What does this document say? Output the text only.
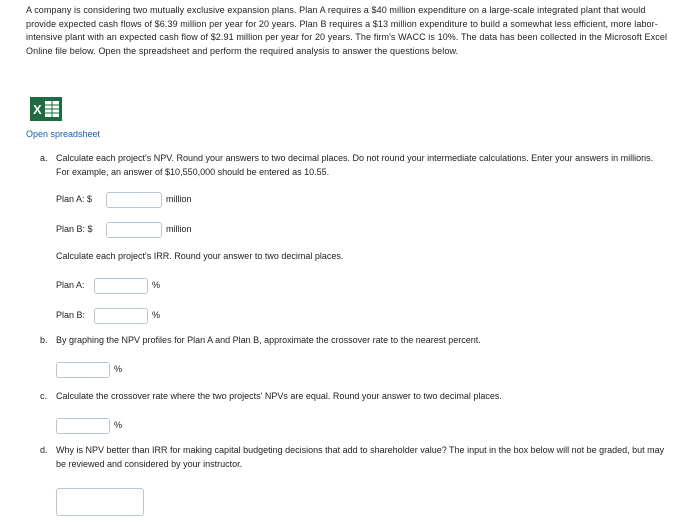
A company is considering two mutually exclusive expansion plans. Plan A requires a $40 million expenditure on a large-scale integrated plant that would provide expected cash flows of $6.39 million per year for 20 years. Plan B requires a $13 million expenditure to build a somewhat less efficient, more labor-intensive plant with an expected cash flow of $2.91 million per year for 20 years. The firm's WACC is 10%. The data has been collected in the Microsoft Excel Online file below. Open the spreadsheet and perform the required analysis to answer the questions below.

X
Open spreadsheet
a. Calculate each project's NPV. Round your answers to two decimal places. Do not round your intermediate calculations. Enter your answers in millions. For example, an answer of $10,550,000 should be entered as 10.55.
Plan A: $	million
Plan B: $	million
Calculate each project's IRR. Round your answer to two decimal places.
Plan A:	%
Plan B:	%
b. By graphing the NPV profiles for Plan A and Plan B, approximate the crossover rate to the nearest percent.
%
c. Calculate the crossover rate where the two projects' NPVs are equal. Round your answer to two decimal places.
%
d. Why is NPV better than IRR for making capital budgeting decisions that add to shareholder value? The input in the box below will not be graded, but may be reviewed and considered by your instructor.
